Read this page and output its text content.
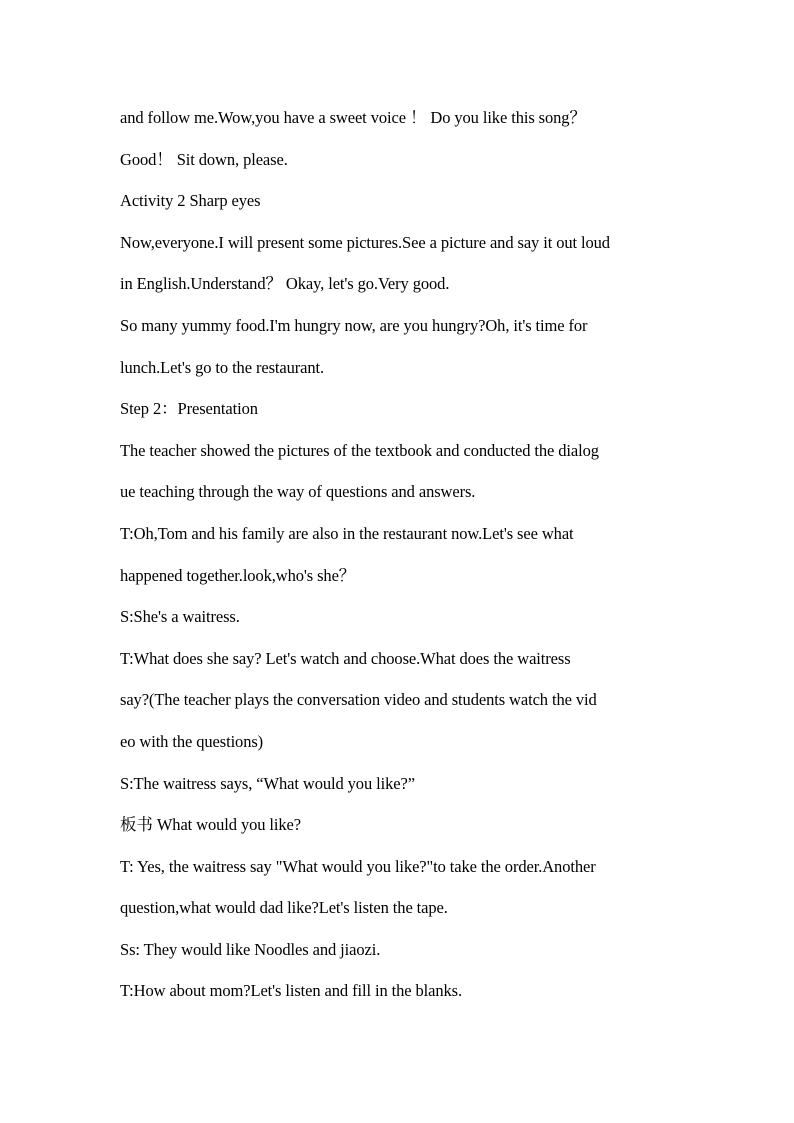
and follow me.Wow,you have a sweet voice ！ Do you like this song？
Good！ Sit down, please.
Activity 2 Sharp eyes
Now,everyone.I will present some pictures.See a picture and say it out loud
in English.Understand？ Okay, let's go.Very good.
So many yummy food.I'm hungry now, are you hungry?Oh, it's time for
lunch.Let's go to the restaurant.
Step 2：Presentation
The teacher showed the pictures of the textbook and conducted the dialog
ue teaching through the way of questions and answers.
T:Oh,Tom and his family are also in the restaurant now.Let's see what
happened together.look,who's she？
S:She's a waitress.
T:What does she say? Let's watch and choose.What does the waitress
say?(The teacher plays the conversation video and students watch the vid
eo with the questions)
S:The waitress says, “What would you like?”
板书 What would you like?
T: Yes, the waitress say "What would you like?"to take the order.Another
question,what would dad like?Let's listen the tape.
Ss: They would like Noodles and jiaozi.
T:How about mom?Let's listen and fill in the blanks.
